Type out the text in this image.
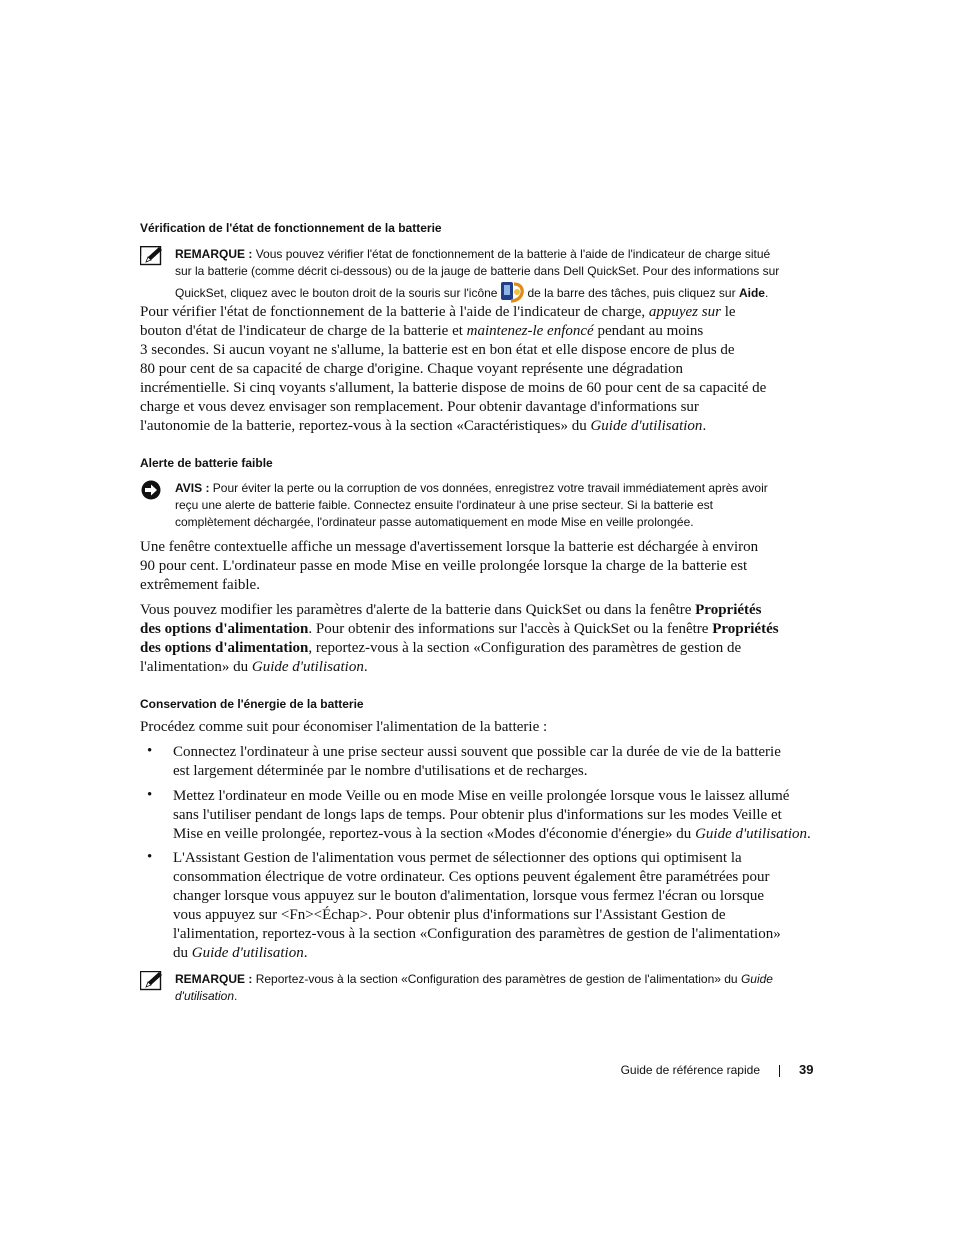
Vérification de l'état de fonctionnement de la batterie
REMARQUE : Vous pouvez vérifier l'état de fonctionnement de la batterie à l'aide de l'indicateur de charge situé
sur la batterie (comme décrit ci-dessous) ou de la jauge de batterie dans Dell QuickSet. Pour des informations sur
QuickSet, cliquez avec le bouton droit de la souris sur l'icône	de la barre des tâches, puis cliquez sur Aide.
Pour vérifier l'état de fonctionnement de la batterie à l'aide de l'indicateur de charge, appuyez sur le
bouton d'état de l'indicateur de charge de la batterie et maintenez-le enfoncé pendant au moins
3 secondes. Si aucun voyant ne s'allume, la batterie est en bon état et elle dispose encore de plus de
80 pour cent de sa capacité de charge d'origine. Chaque voyant représente une dégradation
incrémentielle. Si cinq voyants s'allument, la batterie dispose de moins de 60 pour cent de sa capacité de
charge et vous devez envisager son remplacement. Pour obtenir davantage d'informations sur
l'autonomie de la batterie, reportez-vous à la section «Caractéristiques» du Guide d'utilisation.
Alerte de batterie faible
AVIS : Pour éviter la perte ou la corruption de vos données, enregistrez votre travail immédiatement après avoir
reçu une alerte de batterie faible. Connectez ensuite l'ordinateur à une prise secteur. Si la batterie est
complètement déchargée, l'ordinateur passe automatiquement en mode Mise en veille prolongée.
Une fenêtre contextuelle affiche un message d'avertissement lorsque la batterie est déchargée à environ
90 pour cent. L'ordinateur passe en mode Mise en veille prolongée lorsque la charge de la batterie est
extrêmement faible.
Vous pouvez modifier les paramètres d'alerte de la batterie dans QuickSet ou dans la fenêtre Propriétés
des options d'alimentation. Pour obtenir des informations sur l'accès à QuickSet ou la fenêtre Propriétés
des options d'alimentation, reportez-vous à la section «Configuration des paramètres de gestion de
l'alimentation» du Guide d'utilisation.
Conservation de l'énergie de la batterie
Procédez comme suit pour économiser l'alimentation de la batterie :
• Connectez l'ordinateur à une prise secteur aussi souvent que possible car la durée de vie de la batterie
est largement déterminée par le nombre d'utilisations et de recharges.
• Mettez l'ordinateur en mode Veille ou en mode Mise en veille prolongée lorsque vous le laissez allumé
sans l'utiliser pendant de longs laps de temps. Pour obtenir plus d'informations sur les modes Veille et
Mise en veille prolongée, reportez-vous à la section «Modes d'économie d'énergie» du Guide d'utilisation.
• L'Assistant Gestion de l'alimentation vous permet de sélectionner des options qui optimisent la
consommation électrique de votre ordinateur. Ces options peuvent également être paramétrées pour
changer lorsque vous appuyez sur le bouton d'alimentation, lorsque vous fermez l'écran ou lorsque
vous appuyez sur <Fn><Échap>. Pour obtenir plus d'informations sur l'Assistant Gestion de
l'alimentation, reportez-vous à la section «Configuration des paramètres de gestion de l'alimentation»
du Guide d'utilisation.
REMARQUE : Reportez-vous à la section «Configuration des paramètres de gestion de l'alimentation» du Guide
d'utilisation.
Guide de référence rapide	39
